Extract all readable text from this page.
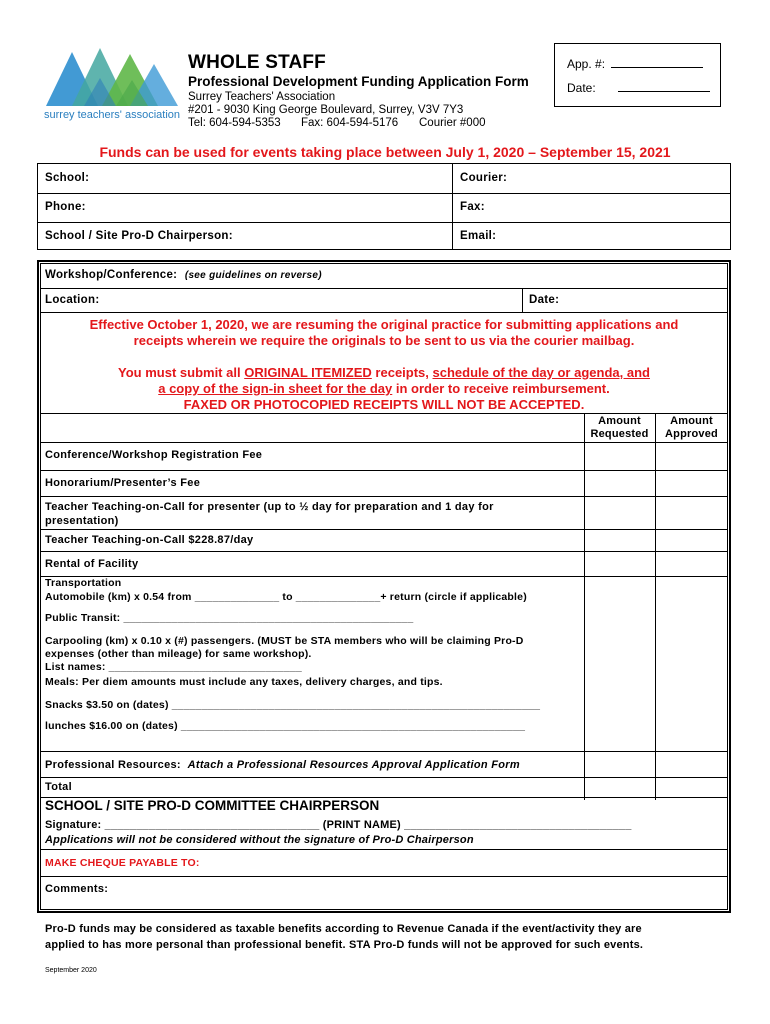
surrey teachers' association
WHOLE STAFF
Professional Development Funding Application Form
Surrey Teachers' Association
#201 - 9030 King George Boulevard, Surrey, V3V 7Y3
Tel: 604-594-5353 Fax: 604-594-5176 Courier #000
App. #:
Date:
Funds can be used for events taking place between July 1, 2020 – September 15, 2021
School:	Courier:
Phone:	Fax:
School / Site Pro-D Chairperson:	Email:
Workshop/Conference: (see guidelines on reverse)
Location:	Date:
Effective October 1, 2020, we are resuming the original practice for submitting applications and
receipts wherein we require the originals to be sent to us via the courier mailbag.
You must submit all ORIGINAL ITEMIZED receipts, schedule of the day or agenda, and
a copy of the sign-in sheet for the day in order to receive reimbursement.
FAXED OR PHOTOCOPIED RECEIPTS WILL NOT BE ACCEPTED.
Amount
Requested
Amount
Approved
Conference/Workshop Registration Fee
Honorarium/Presenter’s Fee
Teacher Teaching-on-Call for presenter (up to ½ day for preparation and 1 day for
presentation)
Teacher Teaching-on-Call $228.87/day
Rental of Facility
Transportation
Automobile (km) x 0.54 from ______________ to ______________+ return (circle if applicable)
Public Transit: ________________________________________________
Carpooling (km) x 0.10 x (#) passengers. (MUST be STA members who will be claiming Pro-D
expenses (other than mileage) for same workshop).
List names: ________________________________
Meals: Per diem amounts must include any taxes, delivery charges, and tips.
Snacks $3.50 on (dates) _____________________________________________________________
lunches $16.00 on (dates) _________________________________________________________
Professional Resources: Attach a Professional Resources Approval Application Form
Total
SCHOOL / SITE PRO-D COMMITTEE CHAIRPERSON
Signature: __________________________________ (PRINT NAME) ____________________________________
Applications will not be considered without the signature of Pro-D Chairperson
MAKE CHEQUE PAYABLE TO:
Comments:
Pro-D funds may be considered as taxable benefits according to Revenue Canada if the event/activity they are
applied to has more personal than professional benefit. STA Pro-D funds will not be approved for such events.
September 2020
